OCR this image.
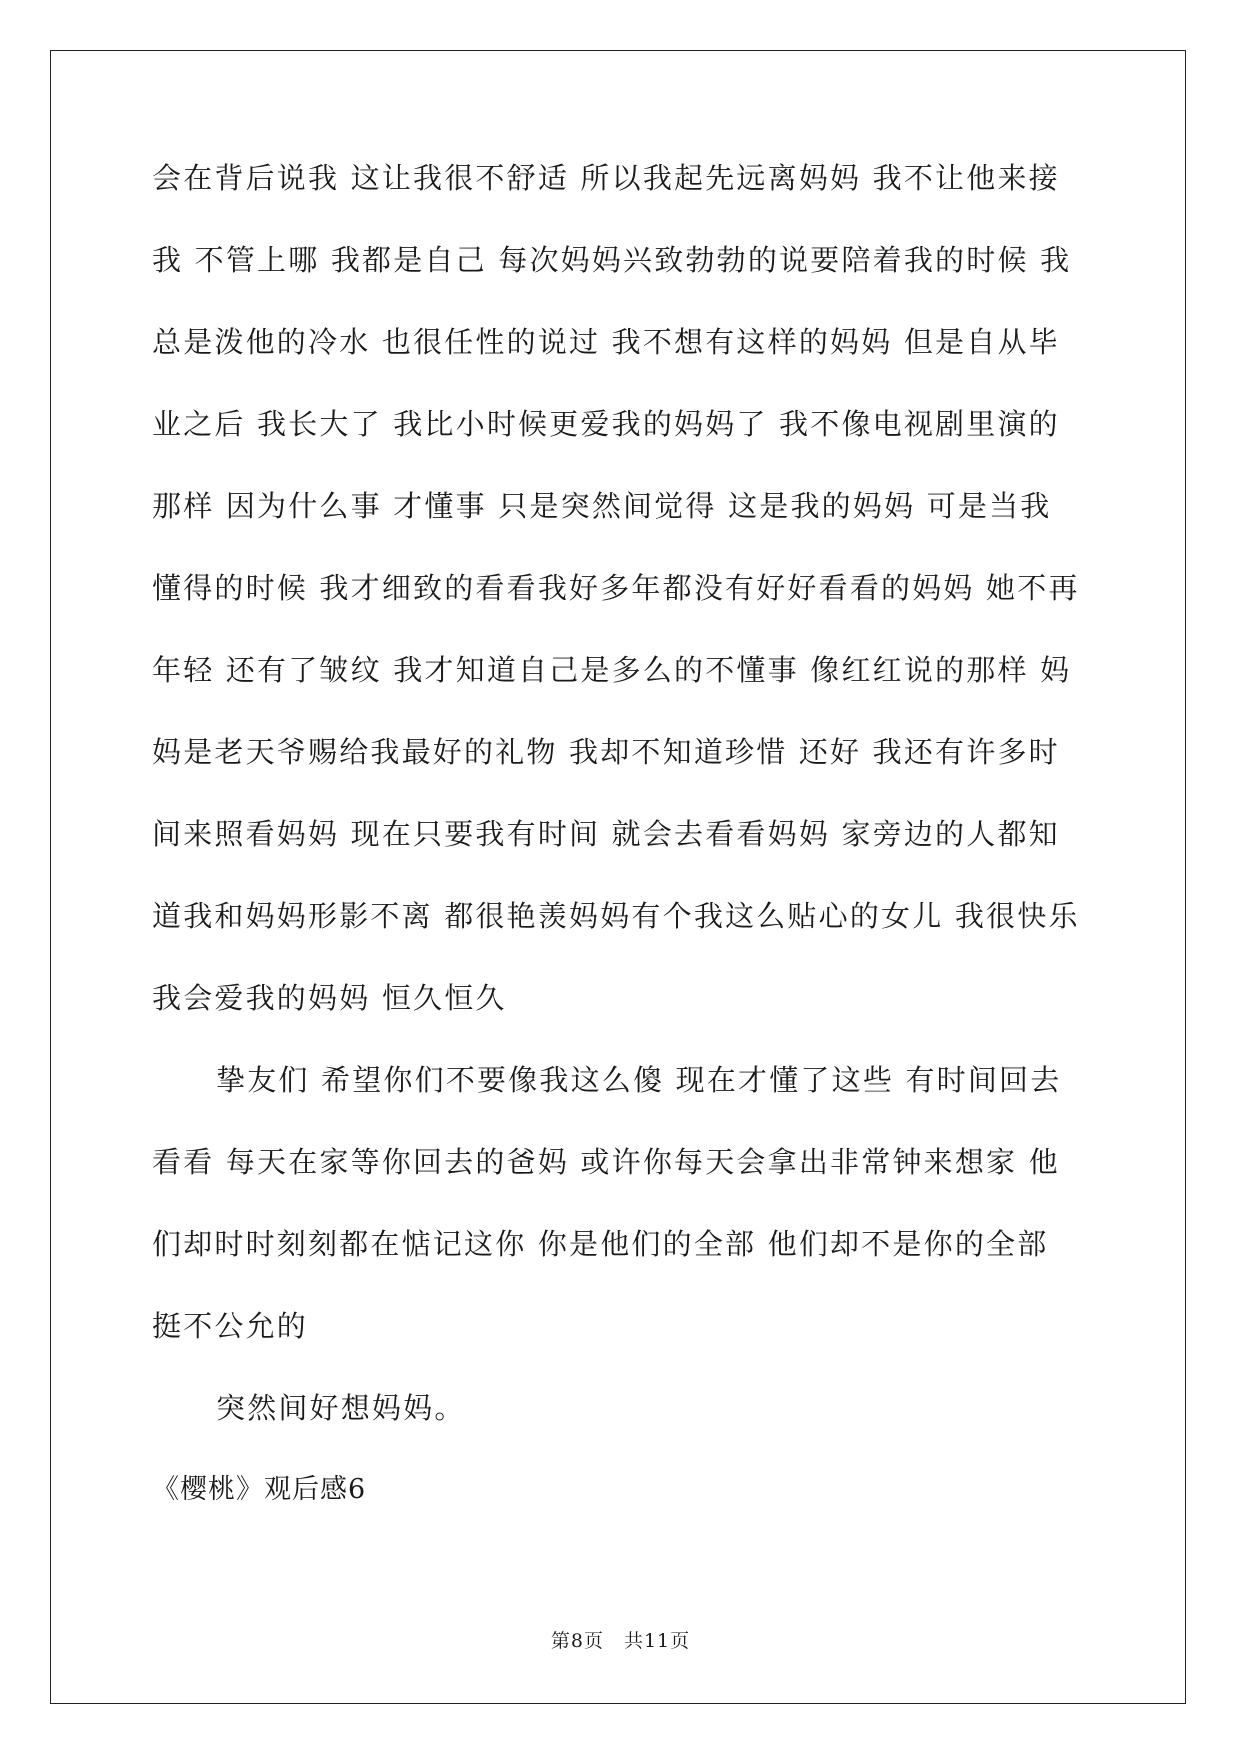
会在背后说我 这让我很不舒适 所以我起先远离妈妈 我不让他来接
我 不管上哪 我都是自己 每次妈妈兴致勃勃的说要陪着我的时候 我
总是泼他的冷水 也很任性的说过 我不想有这样的妈妈 但是自从毕
业之后 我长大了 我比小时候更爱我的妈妈了 我不像电视剧里演的
那样 因为什么事 才懂事 只是突然间觉得 这是我的妈妈 可是当我
懂得的时候 我才细致的看看我好多年都没有好好看看的妈妈 她不再
年轻 还有了皱纹 我才知道自己是多么的不懂事 像红红说的那样 妈
妈是老天爷赐给我最好的礼物 我却不知道珍惜 还好 我还有许多时
间来照看妈妈 现在只要我有时间 就会去看看妈妈 家旁边的人都知
道我和妈妈形影不离 都很艳羡妈妈有个我这么贴心的女儿 我很快乐
我会爱我的妈妈 恒久恒久
挚友们 希望你们不要像我这么傻 现在才懂了这些 有时间回去
看看 每天在家等你回去的爸妈 或许你每天会拿出非常钟来想家 他
们却时时刻刻都在惦记这你 你是他们的全部 他们却不是你的全部
挺不公允的
突然间好想妈妈。
《樱桃》观后感6
第8页　共11页
